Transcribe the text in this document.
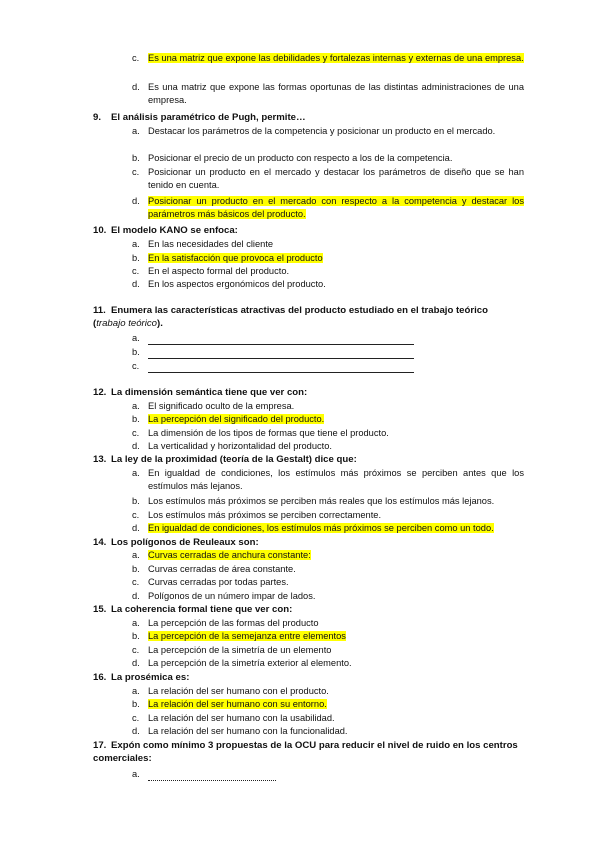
c. Es una matriz que expone las debilidades y fortalezas internas y externas de una empresa.
d. Es una matriz que expone las formas oportunas de las distintas administraciones de una empresa.
9. El análisis paramétrico de Pugh, permite…
a. Destacar los parámetros de la competencia y posicionar un producto en el mercado.
b. Posicionar el precio de un producto con respecto a los de la competencia.
c. Posicionar un producto en el mercado y destacar los parámetros de diseño que se han tenido en cuenta.
d. Posicionar un producto en el mercado con respecto a la competencia y destacar los parámetros más básicos del producto.
10. El modelo KANO se enfoca:
a. En las necesidades del cliente
b. En la satisfacción que provoca el producto
c. En el aspecto formal del producto.
d. En los aspectos ergonómicos del producto.
11. Enumera las características atractivas del producto estudiado en el trabajo teórico (trabajo teórico).
a.
b.
c.
12. La dimensión semántica tiene que ver con:
a. El significado oculto de la empresa.
b. La percepción del significado del producto.
c. La dimensión de los tipos de formas que tiene el producto.
d. La verticalidad y horizontalidad del producto.
13. La ley de la proximidad (teoría de la Gestalt) dice que:
a. En igualdad de condiciones, los estímulos más próximos se perciben antes que los estímulos más lejanos.
b. Los estímulos más próximos se perciben más reales que los estímulos más lejanos.
c. Los estímulos más próximos se perciben correctamente.
d. En igualdad de condiciones, los estímulos más próximos se perciben como un todo.
14. Los polígonos de Reuleaux son:
a. Curvas cerradas de anchura constante:
b. Curvas cerradas de área constante.
c. Curvas cerradas por todas partes.
d. Polígonos de un número impar de lados.
15. La coherencia formal tiene que ver con:
a. La percepción de las formas del producto
b. La percepción de la semejanza entre elementos
c. La percepción de la simetría de un elemento
d. La percepción de la simetría exterior al elemento.
16. La prosémica es:
a. La relación del ser humano con el producto.
b. La relación del ser humano con su entorno.
c. La relación del ser humano con la usabilidad.
d. La relación del ser humano con la funcionalidad.
17. Expón como mínimo 3 propuestas de la OCU para reducir el nivel de ruido en los centros comerciales:
a.
